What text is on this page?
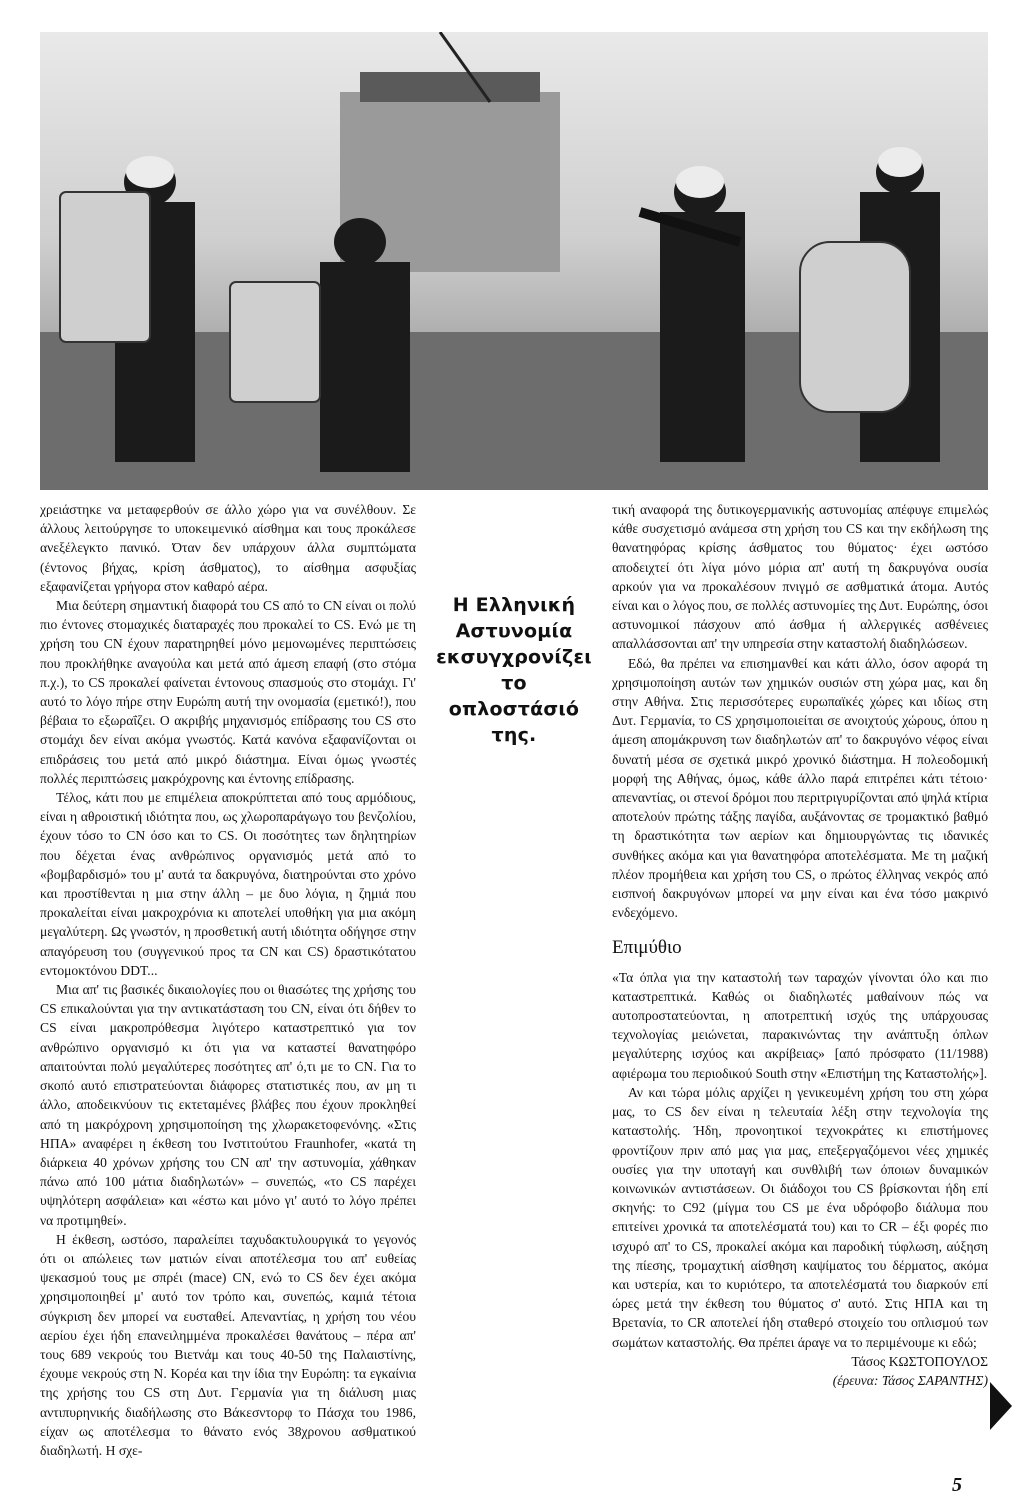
χρειάστηκε να μεταφερθούν σε άλλο χώρο για να συνέλθουν. Σε άλλους λειτούργησε το υποκειμενικό αίσθημα και τους προκάλεσε ανεξέλεγκτο πανικό. Όταν δεν υπάρχουν άλλα συμπτώματα (έντονος βήχας, κρίση άσθματος), το αίσθημα ασφυξίας εξαφανίζεται γρήγορα στον καθαρό αέρα.

Μια δεύτερη σημαντική διαφορά του CS από το CN είναι οι πολύ πιο έντονες στομαχικές διαταραχές που προκαλεί το CS. Ενώ με τη χρήση του CN έχουν παρατηρηθεί μόνο μεμονωμένες περιπτώσεις που προκλήθηκε αναγούλα και μετά από άμεση επαφή (στο στόμα π.χ.), το CS προκαλεί φαίνεται έντονους σπασμούς στο στομάχι. Γι' αυτό το λόγο πήρε στην Ευρώπη αυτή την ονομασία (εμετικό!), που βέβαια το εξωραΐζει. Ο ακριβής μηχανισμός επίδρασης του CS στο στομάχι δεν είναι ακόμα γνωστός. Κατά κανόνα εξαφανίζονται οι επιδράσεις του μετά από μικρό διάστημα. Είναι όμως γνωστές πολλές περιπτώσεις μακρόχρονης και έντονης επίδρασης.

Τέλος, κάτι που με επιμέλεια αποκρύπτεται από τους αρμόδιους, είναι η αθροιστική ιδιότητα που, ως χλωροπαράγωγο του βενζολίου, έχουν τόσο το CN όσο και το CS. Οι ποσότητες των δηλητηρίων που δέχεται ένας ανθρώπινος οργανισμός μετά από το «βομβαρδισμό» του μ' αυτά τα δακρυγόνα, διατηρούνται στο χρόνο και προστίθενται η μια στην άλλη – με δυο λόγια, η ζημιά που προκαλείται είναι μακροχρόνια κι αποτελεί υποθήκη για μια ακόμη μεγαλύτερη. Ως γνωστόν, η προσθετική αυτή ιδιότητα οδήγησε στην απαγόρευση του (συγγενικού προς τα CN και CS) δραστικότατου εντομοκτόνου DDT...

Μια απ' τις βασικές δικαιολογίες που οι θιασώτες της χρήσης του CS επικαλούνται για την αντικατάσταση του CN, είναι ότι δήθεν το CS είναι μακροπρόθεσμα λιγότερο καταστρεπτικό για τον ανθρώπινο οργανισμό κι ότι για να καταστεί θανατηφόρο απαιτούνται πολύ μεγαλύτερες ποσότητες απ' ό,τι με το CN. Για το σκοπό αυτό επιστρατεύονται διάφορες στατιστικές που, αν μη τι άλλο, αποδεικνύουν τις εκτεταμένες βλάβες που έχουν προκληθεί από τη μακρόχρονη χρησιμοποίηση της χλωρακετοφενόνης. «Στις ΗΠΑ» αναφέρει η έκθεση του Ινστιτούτου Fraunhofer, «κατά τη διάρκεια 40 χρόνων χρήσης του CN απ' την αστυνομία, χάθηκαν πάνω από 100 μάτια διαδηλωτών» – συνεπώς, «το CS παρέχει υψηλότερη ασφάλεια» και «έστω και μόνο γι' αυτό το λόγο πρέπει να προτιμηθεί».

Η έκθεση, ωστόσο, παραλείπει ταχυδακτυλουργικά το γεγονός ότι οι απώλειες των ματιών είναι αποτέλεσμα του απ' ευθείας ψεκασμού τους με σπρέι (mace) CN, ενώ το CS δεν έχει ακόμα χρησιμοποιηθεί μ' αυτό τον τρόπο και, συνεπώς, καμιά τέτοια σύγκριση δεν μπορεί να ευσταθεί. Απεναντίας, η χρήση του νέου αερίου έχει ήδη επανειλημμένα προκαλέσει θανάτους – πέρα απ' τους 689 νεκρούς του Βιετνάμ και τους 40-50 της Παλαιστίνης, έχουμε νεκρούς στη Ν. Κορέα και την ίδια την Ευρώπη: τα εγκαίνια της χρήσης του CS στη Δυτ. Γερμανία για τη διάλυση μιας αντιπυρηνικής διαδήλωσης στο Βάκεσντορφ το Πάσχα του 1986, είχαν ως αποτέλεσμα το θάνατο ενός 38χρονου ασθματικού διαδηλωτή. Η σχε-

Η Ελληνική
Αστυνομία
εκσυγχρονίζει το
οπλοστάσιό της.

τική αναφορά της δυτικογερμανικής αστυνομίας απέφυγε επιμελώς κάθε συσχετισμό ανάμεσα στη χρήση του CS και την εκδήλωση της θανατηφόρας κρίσης άσθματος του θύματος· έχει ωστόσο αποδειχτεί ότι λίγα μόνο μόρια απ' αυτή τη δακρυγόνα ουσία αρκούν για να προκαλέσουν πνιγμό σε ασθματικά άτομα. Αυτός είναι και ο λόγος που, σε πολλές αστυνομίες της Δυτ. Ευρώπης, όσοι αστυνομικοί πάσχουν από άσθμα ή αλλεργικές ασθένειες απαλλάσσονται απ' την υπηρεσία στην καταστολή διαδηλώσεων.

Εδώ, θα πρέπει να επισημανθεί και κάτι άλλο, όσον αφορά τη χρησιμοποίηση αυτών των χημικών ουσιών στη χώρα μας, και δη στην Αθήνα. Στις περισσότερες ευρωπαϊκές χώρες και ιδίως στη Δυτ. Γερμανία, το CS χρησιμοποιείται σε ανοιχτούς χώρους, όπου η άμεση απομάκρυνση των διαδηλωτών απ' το δακρυγόνο νέφος είναι δυνατή μέσα σε σχετικά μικρό χρονικό διάστημα. Η πολεοδομική μορφή της Αθήνας, όμως, κάθε άλλο παρά επιτρέπει κάτι τέτοιο· απεναντίας, οι στενοί δρόμοι που περιτριγυρίζονται από ψηλά κτίρια αποτελούν πρώτης τάξης παγίδα, αυξάνοντας σε τρομακτικό βαθμό τη δραστικότητα των αερίων και δημιουργώντας τις ιδανικές συνθήκες ακόμα και για θανατηφόρα αποτελέσματα. Με τη μαζική πλέον προμήθεια και χρήση του CS, ο πρώτος έλληνας νεκρός από εισπνοή δακρυγόνων μπορεί να μην είναι και ένα τόσο μακρινό ενδεχόμενο.

Επιμύθιο

«Τα όπλα για την καταστολή των ταραχών γίνονται όλο και πιο καταστρεπτικά. Καθώς οι διαδηλωτές μαθαίνουν πώς να αυτοπροστατεύονται, η αποτρεπτική ισχύς της υπάρχουσας τεχνολογίας μειώνεται, παρακινώντας την ανάπτυξη όπλων μεγαλύτερης ισχύος και ακρίβειας» [από πρόσφατο (11/1988) αφιέρωμα του περιοδικού South στην «Επιστήμη της Καταστολής»].

Αν και τώρα μόλις αρχίζει η γενικευμένη χρήση του στη χώρα μας, το CS δεν είναι η τελευταία λέξη στην τεχνολογία της καταστολής. Ήδη, προνοητικοί τεχνοκράτες κι επιστήμονες φροντίζουν πριν από μας για μας, επεξεργαζόμενοι νέες χημικές ουσίες για την υποταγή και συνθλιβή των όποιων δυναμικών κοινωνικών αντιστάσεων. Οι διάδοχοι του CS βρίσκονται ήδη επί σκηνής: το C92 (μίγμα του CS με ένα υδρόφοβο διάλυμα που επιτείνει χρονικά τα αποτελέσματά του) και το CR – έξι φορές πιο ισχυρό απ' το CS, προκαλεί ακόμα και παροδική τύφλωση, αύξηση της πίεσης, τρομαχτική αίσθηση καψίματος του δέρματος, ακόμα και υστερία, και το κυριότερο, τα αποτελέσματά του διαρκούν επί ώρες μετά την έκθεση του θύματος σ' αυτό. Στις ΗΠΑ και τη Βρετανία, το CR αποτελεί ήδη σταθερό στοιχείο του οπλισμού των σωμάτων καταστολής. Θα πρέπει άραγε να το περιμένουμε κι εδώ;

Τάσος ΚΩΣΤΟΠΟΥΛΟΣ
(έρευνα: Τάσος ΣΑΡΑΝΤΗΣ)
5
